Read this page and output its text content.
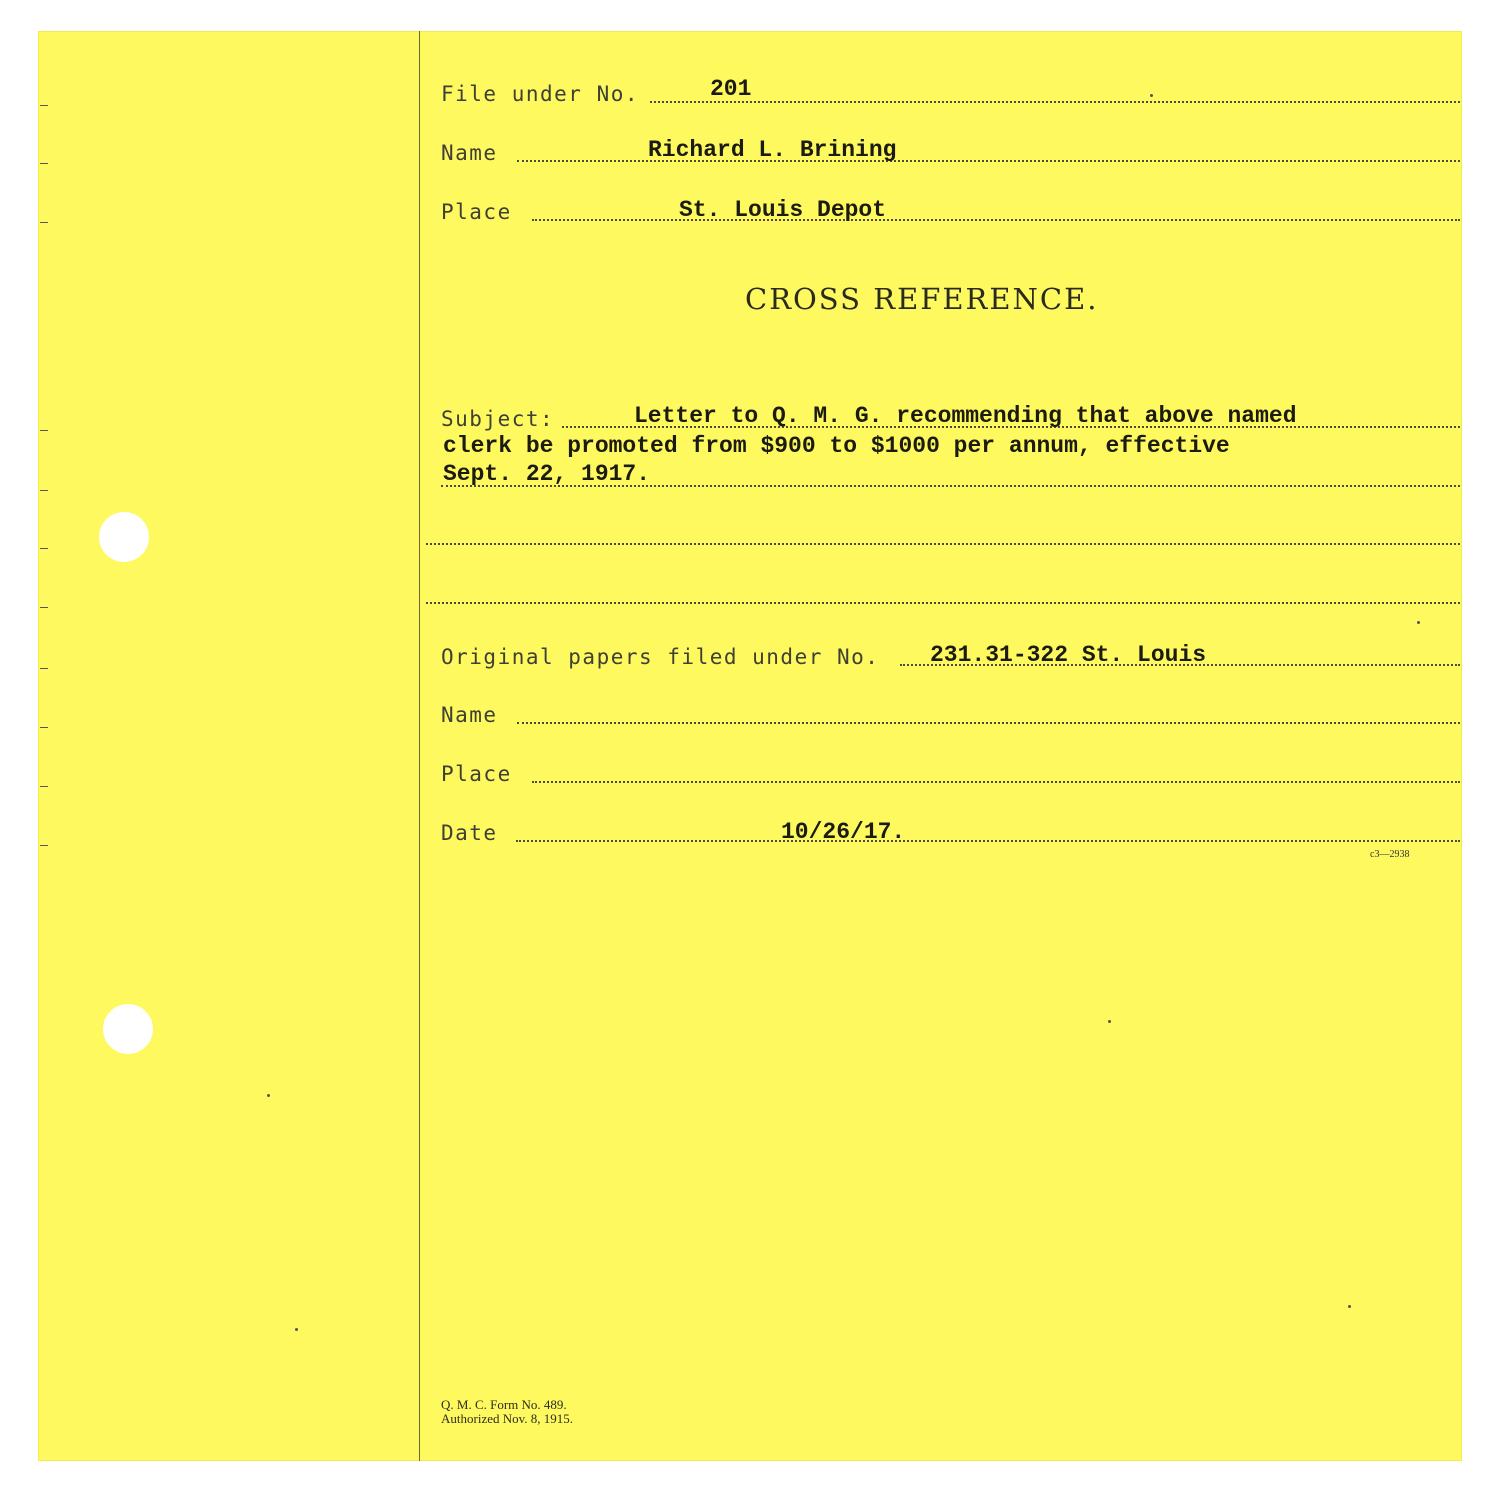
File under No.	201
Name	Richard L. Brining
Place	St. Louis Depot
CROSS REFERENCE.
Subject:	Letter to Q. M. G. recommending that above named
clerk be promoted from $900 to $1000 per annum, effective
Sept. 22, 1917.
Original papers filed under No. 231.31-322 St. Louis
Name
Place
Date	10/26/17.
c3—2938
Q. M. C. Form No. 489.
Authorized Nov. 8, 1915.
